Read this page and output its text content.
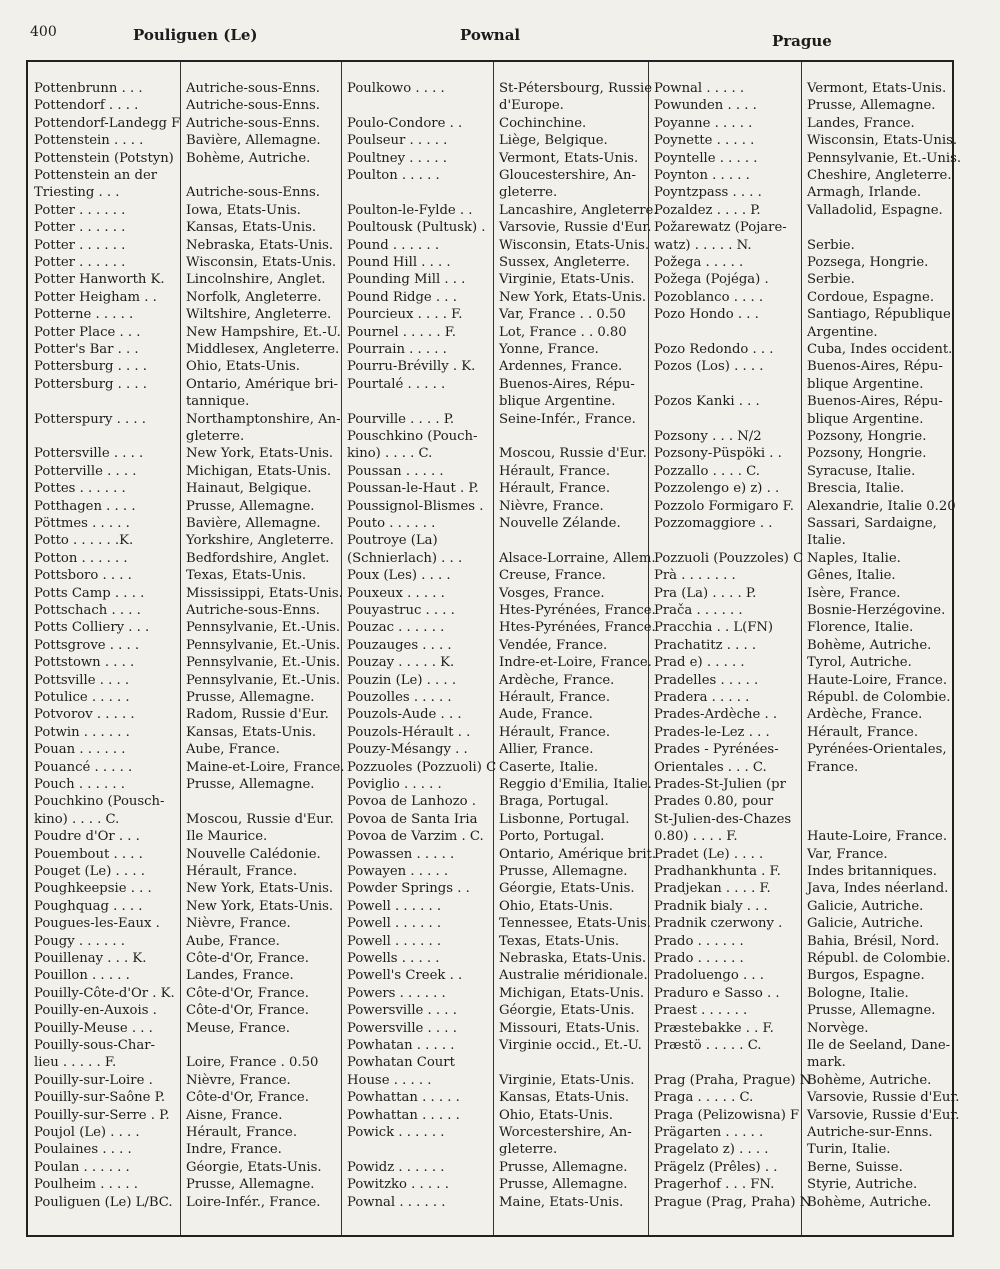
400	Pouliguen (Le)	Pownal	Prague
Pottenbrunn . . .	Autriche-sous-Enns.
Pottendorf . . . .	Autriche-sous-Enns.
Pottendorf-Landegg F Autriche-sous-Enns.
Pottenstein . . . .	Bavière, Allemagne.
Pottenstein (Potstyn) Bohème, Autriche.
Pottenstein an der
Triesting . . .	Autriche-sous-Enns.
Potter . . . . . .	Iowa, Etats-Unis.
Potter . . . . . .	Kansas, Etats-Unis.
Potter . . . . . .	Nebraska, Etats-Unis.
Potter . . . . . .	Wisconsin, Etats-Unis.
Potter Hanworth K. Lincolnshire, Anglet.
Potter Heigham . . Norfolk, Angleterre.
Potterne . . . . .	Wiltshire, Angleterre.
Potter Place . . .	New Hampshire, Et.-U.
Potter's Bar . . .	Middlesex, Angleterre.
Pottersburg . . . .	Ohio, Etats-Unis.
Pottersburg . . . .	Ontario, Amérique bri-
tannique.
Potterspury . . . .	Northamptonshire, An-
gleterre.
Pottersville . . . .	New York, Etats-Unis.
Potterville . . . .	Michigan, Etats-Unis.
Pottes . . . . . .	Hainaut, Belgique.
Potthagen . . . .	Prusse, Allemagne.
Pöttmes . . . . .	Bavière, Allemagne.
Potto . . . . . .K.	Yorkshire, Angleterre.
Potton . . . . . .	Bedfordshire, Anglet.
Pottsboro . . . .	Texas, Etats-Unis.
Potts Camp . . . .	Mississippi, Etats-Unis.
Pottschach . . . .	Autriche-sous-Enns.
Potts Colliery . . .	Pennsylvanie, Et.-Unis.
Pottsgrove . . . .	Pennsylvanie, Et.-Unis.
Pottstown . . . .	Pennsylvanie, Et.-Unis.
Pottsville . . . .	Pennsylvanie, Et.-Unis.
Potulice . . . . .	Prusse, Allemagne.
Potvorov . . . . .	Radom, Russie d'Eur.
Potwin . . . . . .	Kansas, Etats-Unis.
Pouan . . . . . .	Aube, France.
Pouancé . . . . .	Maine-et-Loire, France.
Pouch . . . . . .	Prusse, Allemagne.
Pouchkino (Pousch-
kino) . . . . C.	Moscou, Russie d'Eur.
Poudre d'Or . . .	Ile Maurice.
Pouembout . . . .	Nouvelle Calédonie.
Pouget (Le) . . . .	Hérault, France.
Poughkeepsie . . .	New York, Etats-Unis.
Poughquag . . . .	New York, Etats-Unis.
Pougues-les-Eaux . Nièvre, France.
Pougy . . . . . .	Aube, France.
Pouillenay . . . K.	Côte-d'Or, France.
Pouillon . . . . .	Landes, France.
Pouilly-Côte-d'Or . K. Côte-d'Or, France.
Pouilly-en-Auxois . Côte-d'Or, France.
Pouilly-Meuse . . .	Meuse, France.
Pouilly-sous-Char-
lieu . . . . . F.	Loire, France . 0.50
Pouilly-sur-Loire .	Nièvre, France.
Pouilly-sur-Saône P. Côte-d'Or, France.
Pouilly-sur-Serre . P. Aisne, France.
Poujol (Le) . . . .	Hérault, France.
Poulaines . . . .	Indre, France.
Poulan . . . . . .	Géorgie, Etats-Unis.
Poulheim . . . . .	Prusse, Allemagne.
Pouliguen (Le) L/BC. Loire-Infér., France.
Poulkowo . . . .	St-Pétersbourg, Russie
d'Europe.
Poulo-Condore . .	Cochinchine.
Poulseur . . . . .	Liège, Belgique.
Poultney . . . . .	Vermont, Etats-Unis.
Poulton . . . . .	Gloucestershire, An-
gleterre.
Poulton-le-Fylde . . Lancashire, Angleterre.
Poultousk (Pultusk) . Varsovie, Russie d'Eur.
Pound . . . . . .	Wisconsin, Etats-Unis.
Pound Hill . . . .	Sussex, Angleterre.
Pounding Mill . . .	Virginie, Etats-Unis.
Pound Ridge . . .	New York, Etats-Unis.
Pourcieux . . . . F.	Var, France . . 0.50
Pournel . . . . . F.	Lot, France . . 0.80
Pourrain . . . . .	Yonne, France.
Pourru-Brévilly . K. Ardennes, France.
Pourtalé . . . . .	Buenos-Aires, Répu-
blique Argentine.
Pourville . . . . P.	Seine-Infér., France.
Pouschkino (Pouch-
kino) . . . . C.	Moscou, Russie d'Eur.
Poussan . . . . .	Hérault, France.
Poussan-le-Haut . P. Hérault, France.
Poussignol-Blismes . Nièvre, France.
Pouto . . . . . .	Nouvelle Zélande.
Poutroye (La)
(Schnierlach) . . .	Alsace-Lorraine, Allem.
Poux (Les) . . . .	Creuse, France.
Pouxeux . . . . .	Vosges, France.
Pouyastruc . . . .	Htes-Pyrénées, France.
Pouzac . . . . . .	Htes-Pyrénées, France.
Pouzauges . . . .	Vendée, France.
Pouzay . . . . . K.	Indre-et-Loire, France.
Pouzin (Le) . . . .	Ardèche, France.
Pouzolles . . . . .	Hérault, France.
Pouzols-Aude . . .	Aude, France.
Pouzols-Hérault . . Hérault, France.
Pouzy-Mésangy . . Allier, France.
Pozzuoles (Pozzuoli) C Caserte, Italie.
Poviglio . . . . .	Reggio d'Emilia, Italie.
Povoa de Lanhozo . Braga, Portugal.
Povoa de Santa Iria Lisbonne, Portugal.
Povoa de Varzim . C. Porto, Portugal.
Powassen . . . . .	Ontario, Amérique brit.
Powayen . . . . .	Prusse, Allemagne.
Powder Springs . . Géorgie, Etats-Unis.
Powell . . . . . .	Ohio, Etats-Unis.
Powell . . . . . .	Tennessee, Etats-Unis.
Powell . . . . . .	Texas, Etats-Unis.
Powells . . . . .	Nebraska, Etats-Unis.
Powell's Creek . .	Australie méridionale.
Powers . . . . . .	Michigan, Etats-Unis.
Powersville . . . .	Géorgie, Etats-Unis.
Powersville . . . .	Missouri, Etats-Unis.
Powhatan . . . . .	Virginie occid., Et.-U.
Powhatan Court
House . . . . .	Virginie, Etats-Unis.
Powhattan . . . . .	Kansas, Etats-Unis.
Powhattan . . . . .	Ohio, Etats-Unis.
Powick . . . . . .	Worcestershire, An-
gleterre.
Powidz . . . . . .	Prusse, Allemagne.
Powitzko . . . . .	Prusse, Allemagne.
Pownal . . . . . .	Maine, Etats-Unis.
Pownal . . . . .	Vermont, Etats-Unis.
Powunden . . . .	Prusse, Allemagne.
Poyanne . . . . .	Landes, France.
Poynette . . . . .	Wisconsin, Etats-Unis.
Poyntelle . . . . .	Pennsylvanie, Et.-Unis.
Poynton . . . . .	Cheshire, Angleterre.
Poyntzpass . . . .	Armagh, Irlande.
Pozaldez . . . . P.	Valladolid, Espagne.
Požarewatz (Pojare-
watz) . . . . . N.	Serbie.
Požega . . . . .	Pozsega, Hongrie.
Požega (Pojéga) .	Serbie.
Pozoblanco . . . .	Cordoue, Espagne.
Pozo Hondo . . .	Santiago, République
Argentine.
Pozo Redondo . . .	Cuba, Indes occident.
Pozos (Los) . . . .	Buenos-Aires, Répu-
blique Argentine.
Pozos Kanki . . .	Buenos-Aires, Répu-
blique Argentine.
Pozsony . . . N/2	Pozsony, Hongrie.
Pozsony-Püspöki . . Pozsony, Hongrie.
Pozzallo . . . . C.	Syracuse, Italie.
Pozzolengo e) z) . . Brescia, Italie.
Pozzolo Formigaro F. Alexandrie, Italie 0.20
Pozzomaggiore . .	Sassari, Sardaigne,
Italie.
Pozzuoli (Pouzzoles) C Naples, Italie.
Prà . . . . . . .	Gênes, Italie.
Pra (La) . . . . P.	Isère, France.
Prača . . . . . .	Bosnie-Herzégovine.
Pracchia . . L(FN)	Florence, Italie.
Prachatitz . . . .	Bohème, Autriche.
Prad e) . . . . .	Tyrol, Autriche.
Pradelles . . . . .	Haute-Loire, France.
Pradera . . . . .	Républ. de Colombie.
Prades-Ardèche . . Ardèche, France.
Prades-le-Lez . . .	Hérault, France.
Prades - Pyrénées- Pyrénées-Orientales,
Orientales . . . C.	France.
Prades-St-Julien (pr
Prades 0.80, pour
St-Julien-des-Chazes
0.80) . . . . F.	Haute-Loire, France.
Pradet (Le) . . . .	Var, France.
Pradhankhunta . F. Indes britanniques.
Pradjekan . . . . F.	Java, Indes néerland.
Pradnik bialy . . .	Galicie, Autriche.
Pradnik czerwony . Galicie, Autriche.
Prado . . . . . .	Bahia, Brésil, Nord.
Prado . . . . . .	Républ. de Colombie.
Pradoluengo . . .	Burgos, Espagne.
Praduro e Sasso . . Bologne, Italie.
Praest . . . . . .	Prusse, Allemagne.
Præstebakke . . F.	Norvège.
Præstö . . . . . C.	Ile de Seeland, Dane-
mark.
Prag (Praha, Prague) N
Bohème, Autriche.
Praga . . . . . C.	Varsovie, Russie d'Eur.
Praga (Pelizowisna) F Varsovie, Russie d'Eur.
Prägarten . . . . .	Autriche-sur-Enns.
Pragelato z) . . . .	Turin, Italie.
Prägelz (Prêles) . . Berne, Suisse.
Pragerhof . . . FN. Styrie, Autriche.
Prague (Prag, Praha) N
Bohème, Autriche.
